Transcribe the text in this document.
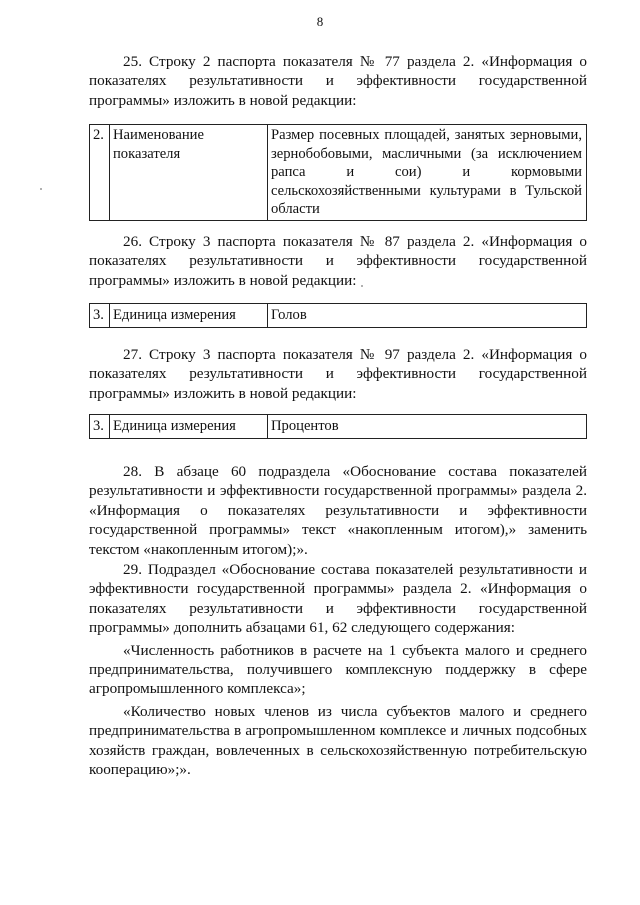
8

25. Строку 2 паспорта показателя № 77 раздела 2. «Информация о показателях результативности и эффективности государственной программы» изложить в новой редакции:

2.	Наименование показателя	Размер посевных площадей, занятых зерновыми, зернобобовыми, масличными (за исключением рапса и сои) и кормовыми сельскохозяйственными культурами в Тульской области

26. Строку 3 паспорта показателя № 87 раздела 2. «Информация о показателях результативности и эффективности государственной программы» изложить в новой редакции:

3.	Единица измерения	Голов

27. Строку 3 паспорта показателя № 97 раздела 2. «Информация о показателях результативности и эффективности государственной программы» изложить в новой редакции:

3.	Единица измерения	Процентов

28. В абзаце 60 подраздела «Обоснование состава показателей результативности и эффективности государственной программы» раздела 2. «Информация о показателях результативности и эффективности государственной программы» текст «накопленным итогом),» заменить текстом «накопленным итогом);».

29. Подраздел «Обоснование состава показателей результативности и эффективности государственной программы» раздела 2. «Информация о показателях результативности и эффективности государственной программы» дополнить абзацами 61, 62 следующего содержания:

«Численность работников в расчете на 1 субъекта малого и среднего предпринимательства, получившего комплексную поддержку в сфере агропромышленного комплекса»;

«Количество новых членов из числа субъектов малого и среднего предпринимательства в агропромышленном комплексе и личных подсобных хозяйств граждан, вовлеченных в сельскохозяйственную потребительскую кооперацию»;».
